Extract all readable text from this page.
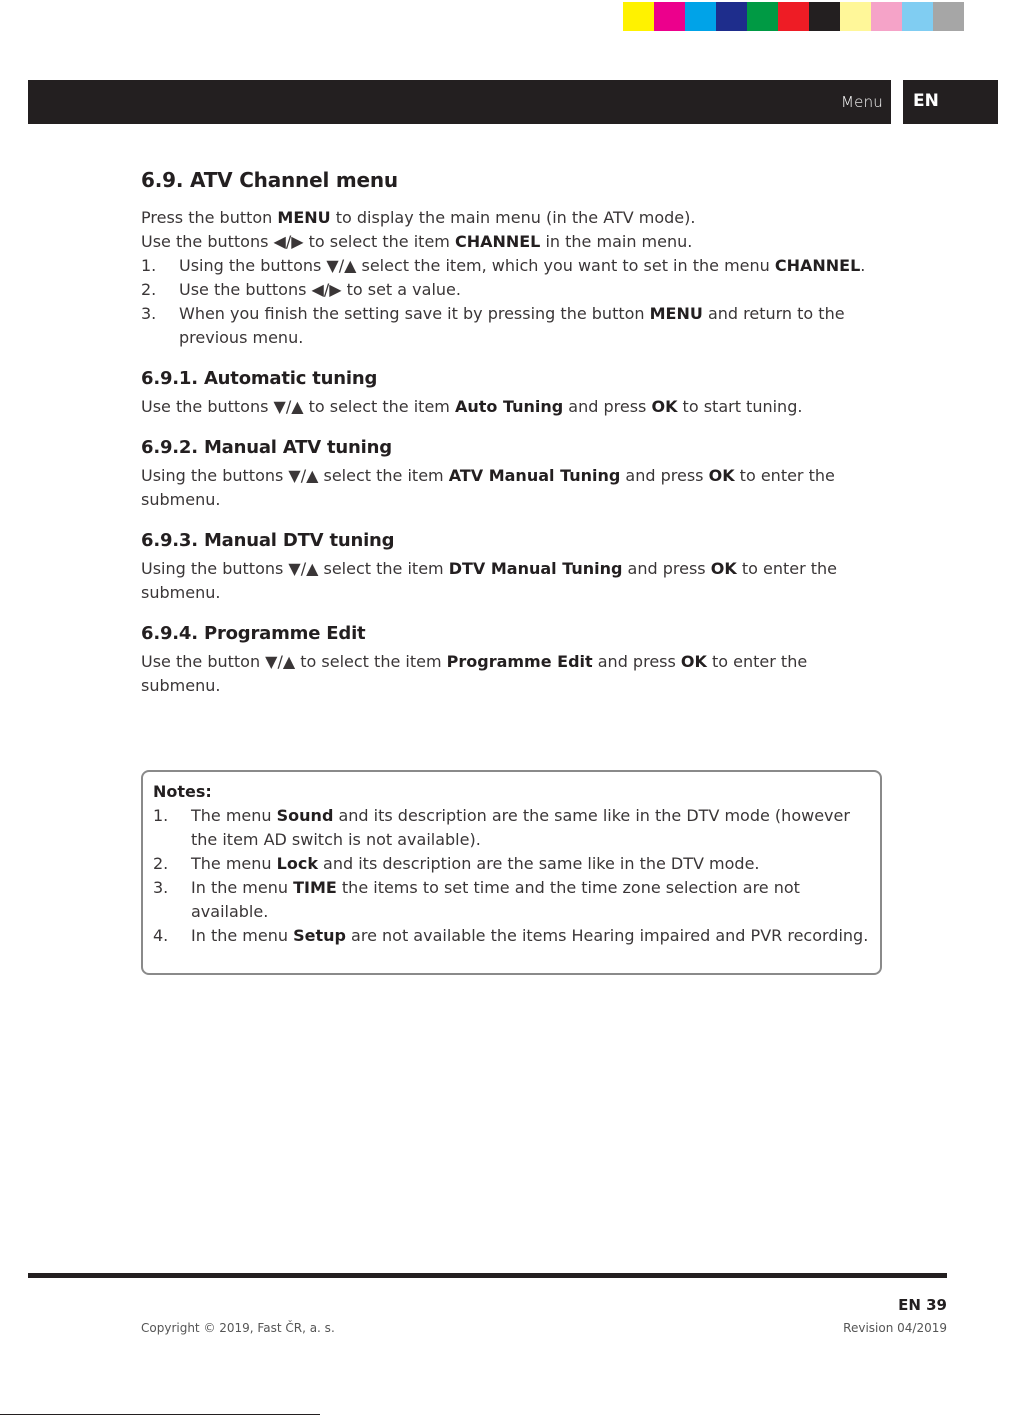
Menu EN
6.9. ATV Channel menu

Press the button MENU to display the main menu (in the ATV mode).

Use the buttons ◀/▶ to select the item CHANNEL in the main menu.

1. Using the buttons ▼/▲ select the item, which you want to set in the menu CHANNEL.
2. Use the buttons ◀/▶ to set a value.
3. When you finish the setting save it by pressing the button MENU and return to the previous menu.
6.9.1. Automatic tuning

Use the buttons ▼/▲ to select the item Auto Tuning and press OK to start tuning.

6.9.2. Manual ATV tuning

Using the buttons ▼/▲ select the item ATV Manual Tuning and press OK to enter the submenu.

6.9.3. Manual DTV tuning

Using the buttons ▼/▲ select the item DTV Manual Tuning and press OK to enter the submenu.

6.9.4. Programme Edit

Use the button ▼/▲ to select the item Programme Edit and press OK to enter the submenu.

Notes:
1. The menu Sound and its description are the same like in the DTV mode (however the item AD switch is not available).
2. The menu Lock and its description are the same like in the DTV mode.
3. In the menu TIME the items to set time and the time zone selection are not available.
4. In the menu Setup are not available the items Hearing impaired and PVR recording.
EN 39
Copyright © 2019, Fast ČR, a. s.	Revision 04/2019
